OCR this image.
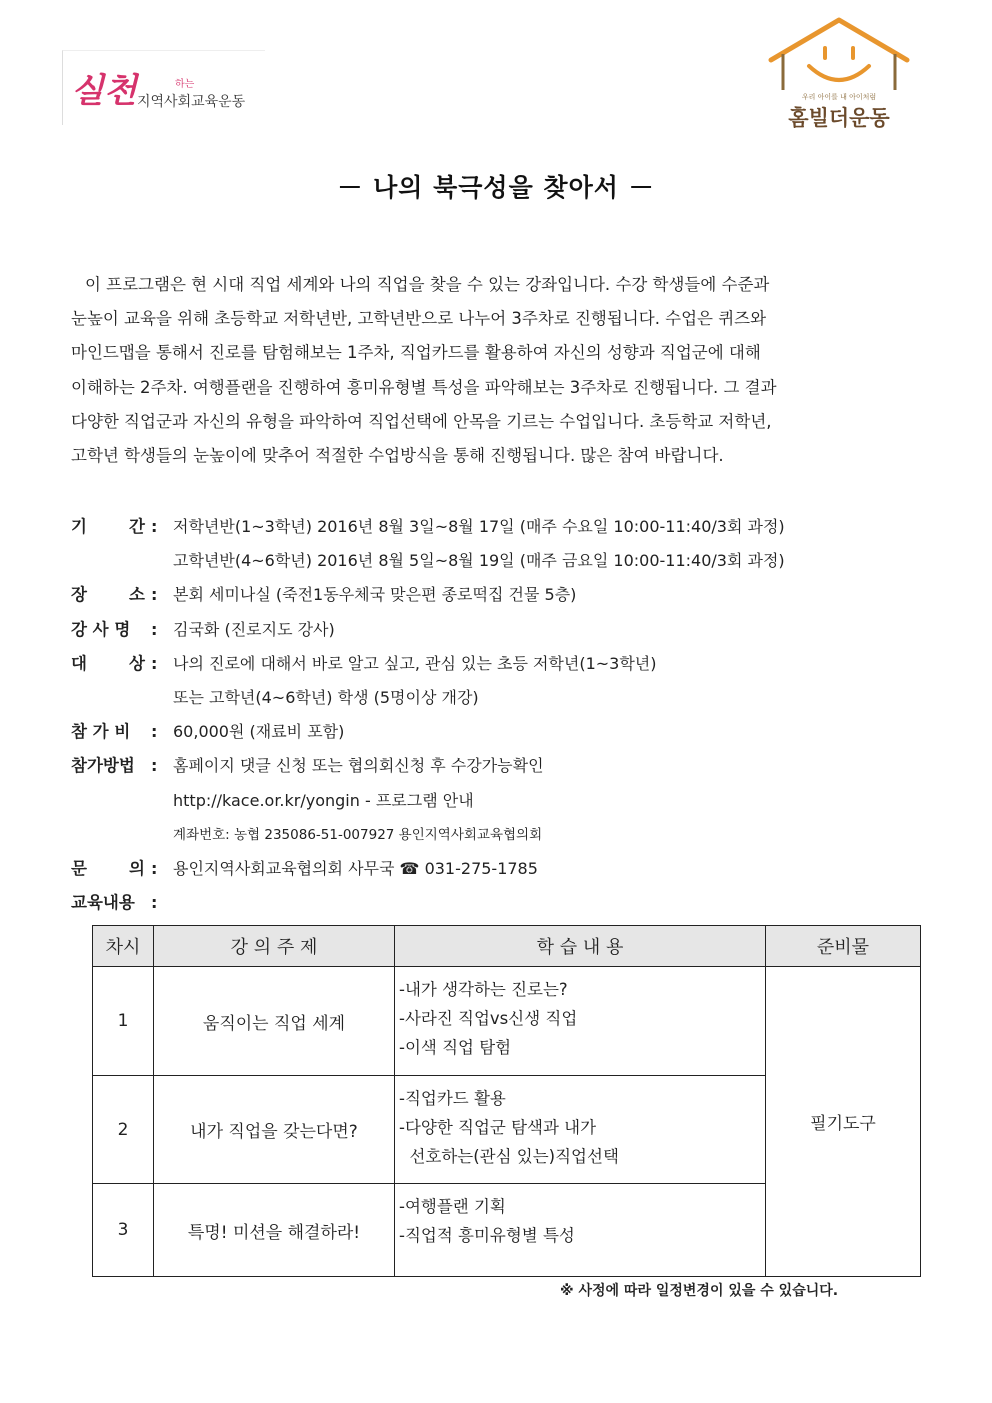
실천	하는
지역사회교육운동	우리 아이를 내 아이처럼
홈빌더운동
－ 나의 북극성을 찾아서 －
이 프로그램은 현 시대 직업 세계와 나의 직업을 찾을 수 있는 강좌입니다. 수강 학생들에 수준과
눈높이 교육을 위해 초등학교 저학년반, 고학년반으로 나누어 3주차로 진행됩니다. 수업은 퀴즈와
마인드맵을 통해서 진로를 탐험해보는 1주차, 직업카드를 활용하여 자신의 성향과 직업군에 대해
이해하는 2주차. 여행플랜을 진행하여 흥미유형별 특성을 파악해보는 3주차로 진행됩니다. 그 결과
다양한 직업군과 자신의 유형을 파악하여 직업선택에 안목을 기르는 수업입니다. 초등학교 저학년,
고학년 학생들의 눈높이에 맞추어 적절한 수업방식을 통해 진행됩니다. 많은 참여 바랍니다.
기	간 : 저학년반(1~3학년) 2016년 8월 3일~8월 17일 (매주 수요일 10:00-11:40/3회 과정)
고학년반(4~6학년) 2016년 8월 5일~8월 19일 (매주 금요일 10:00-11:40/3회 과정)
장	소 : 본회 세미나실 (죽전1동우체국 맞은편 종로떡집 건물 5층)
강 사 명	: 김국화 (진로지도 강사)
대	상 : 나의 진로에 대해서 바로 알고 싶고, 관심 있는 초등 저학년(1~3학년)
또는 고학년(4~6학년) 학생 (5명이상 개강)
참 가 비	: 60,000원 (재료비 포함)
참가방법	: 홈페이지 댓글 신청 또는 협의회신청 후 수강가능확인
http://kace.or.kr/yongin - 프로그램 안내
계좌번호: 농협 235086-51-007927 용인지역사회교육협의회
문	의 : 용인지역사회교육협의회 사무국 ☎ 031-275-1785
교육내용	:
차시	강 의 주 제	학 습 내 용	준비물
1	움직이는 직업 세계	-내가 생각하는 진로는?
-사라진 직업vs신생 직업
-이색 직업 탐험	필기도구
2	내가 직업을 갖는다면?	-직업카드 활용
-다양한 직업군 탐색과 내가
선호하는(관심 있는)직업선택	

3	특명! 미션을 해결하라!	-여행플랜 기획
-직업적 흥미유형별 특성	
※ 사정에 따라 일정변경이 있을 수 있습니다.
